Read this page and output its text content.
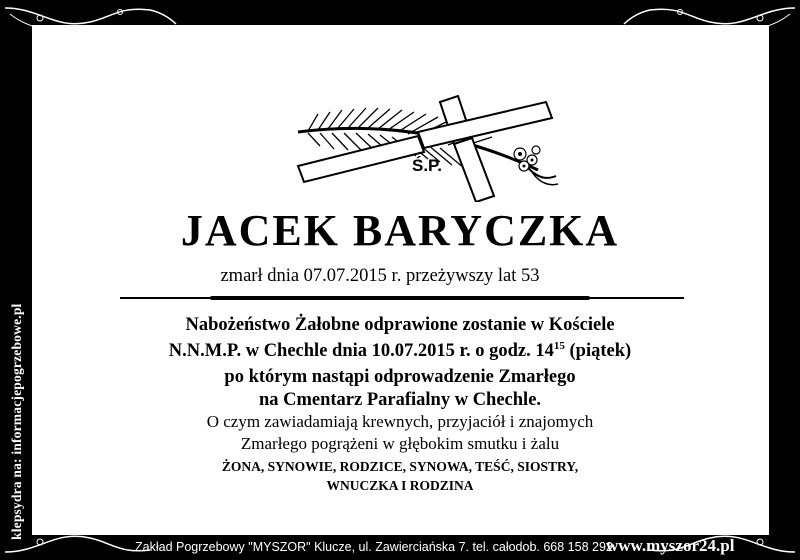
Ś.P.
JACEK BARYCZKA
zmarł dnia 07.07.2015 r. przeżywszy lat 53
Nabożeństwo Żałobne odprawione zostanie w Kościele
N.N.M.P. w Chechle dnia 10.07.2015 r. o godz. $14^{15}$ (piątek)
po którym nastąpi odprowadzenie Zmarłego
na Cmentarz Parafialny w Chechle.
O czym zawiadamiają krewnych, przyjaciół i znajomych
Zmarłego pogrążeni w głębokim smutku i żalu
ŻONA, SYNOWIE, RODZICE, SYNOWA, TEŚĆ, SIOSTRY,
WNUCZKA I RODZINA
klepsydra na: informacjepogrzebowe.pl
Zakład Pogrzebowy "MYSZOR" Klucze, ul. Zawierciańska 7. tel. całodob. 668 158 292
www.myszor24.pl
